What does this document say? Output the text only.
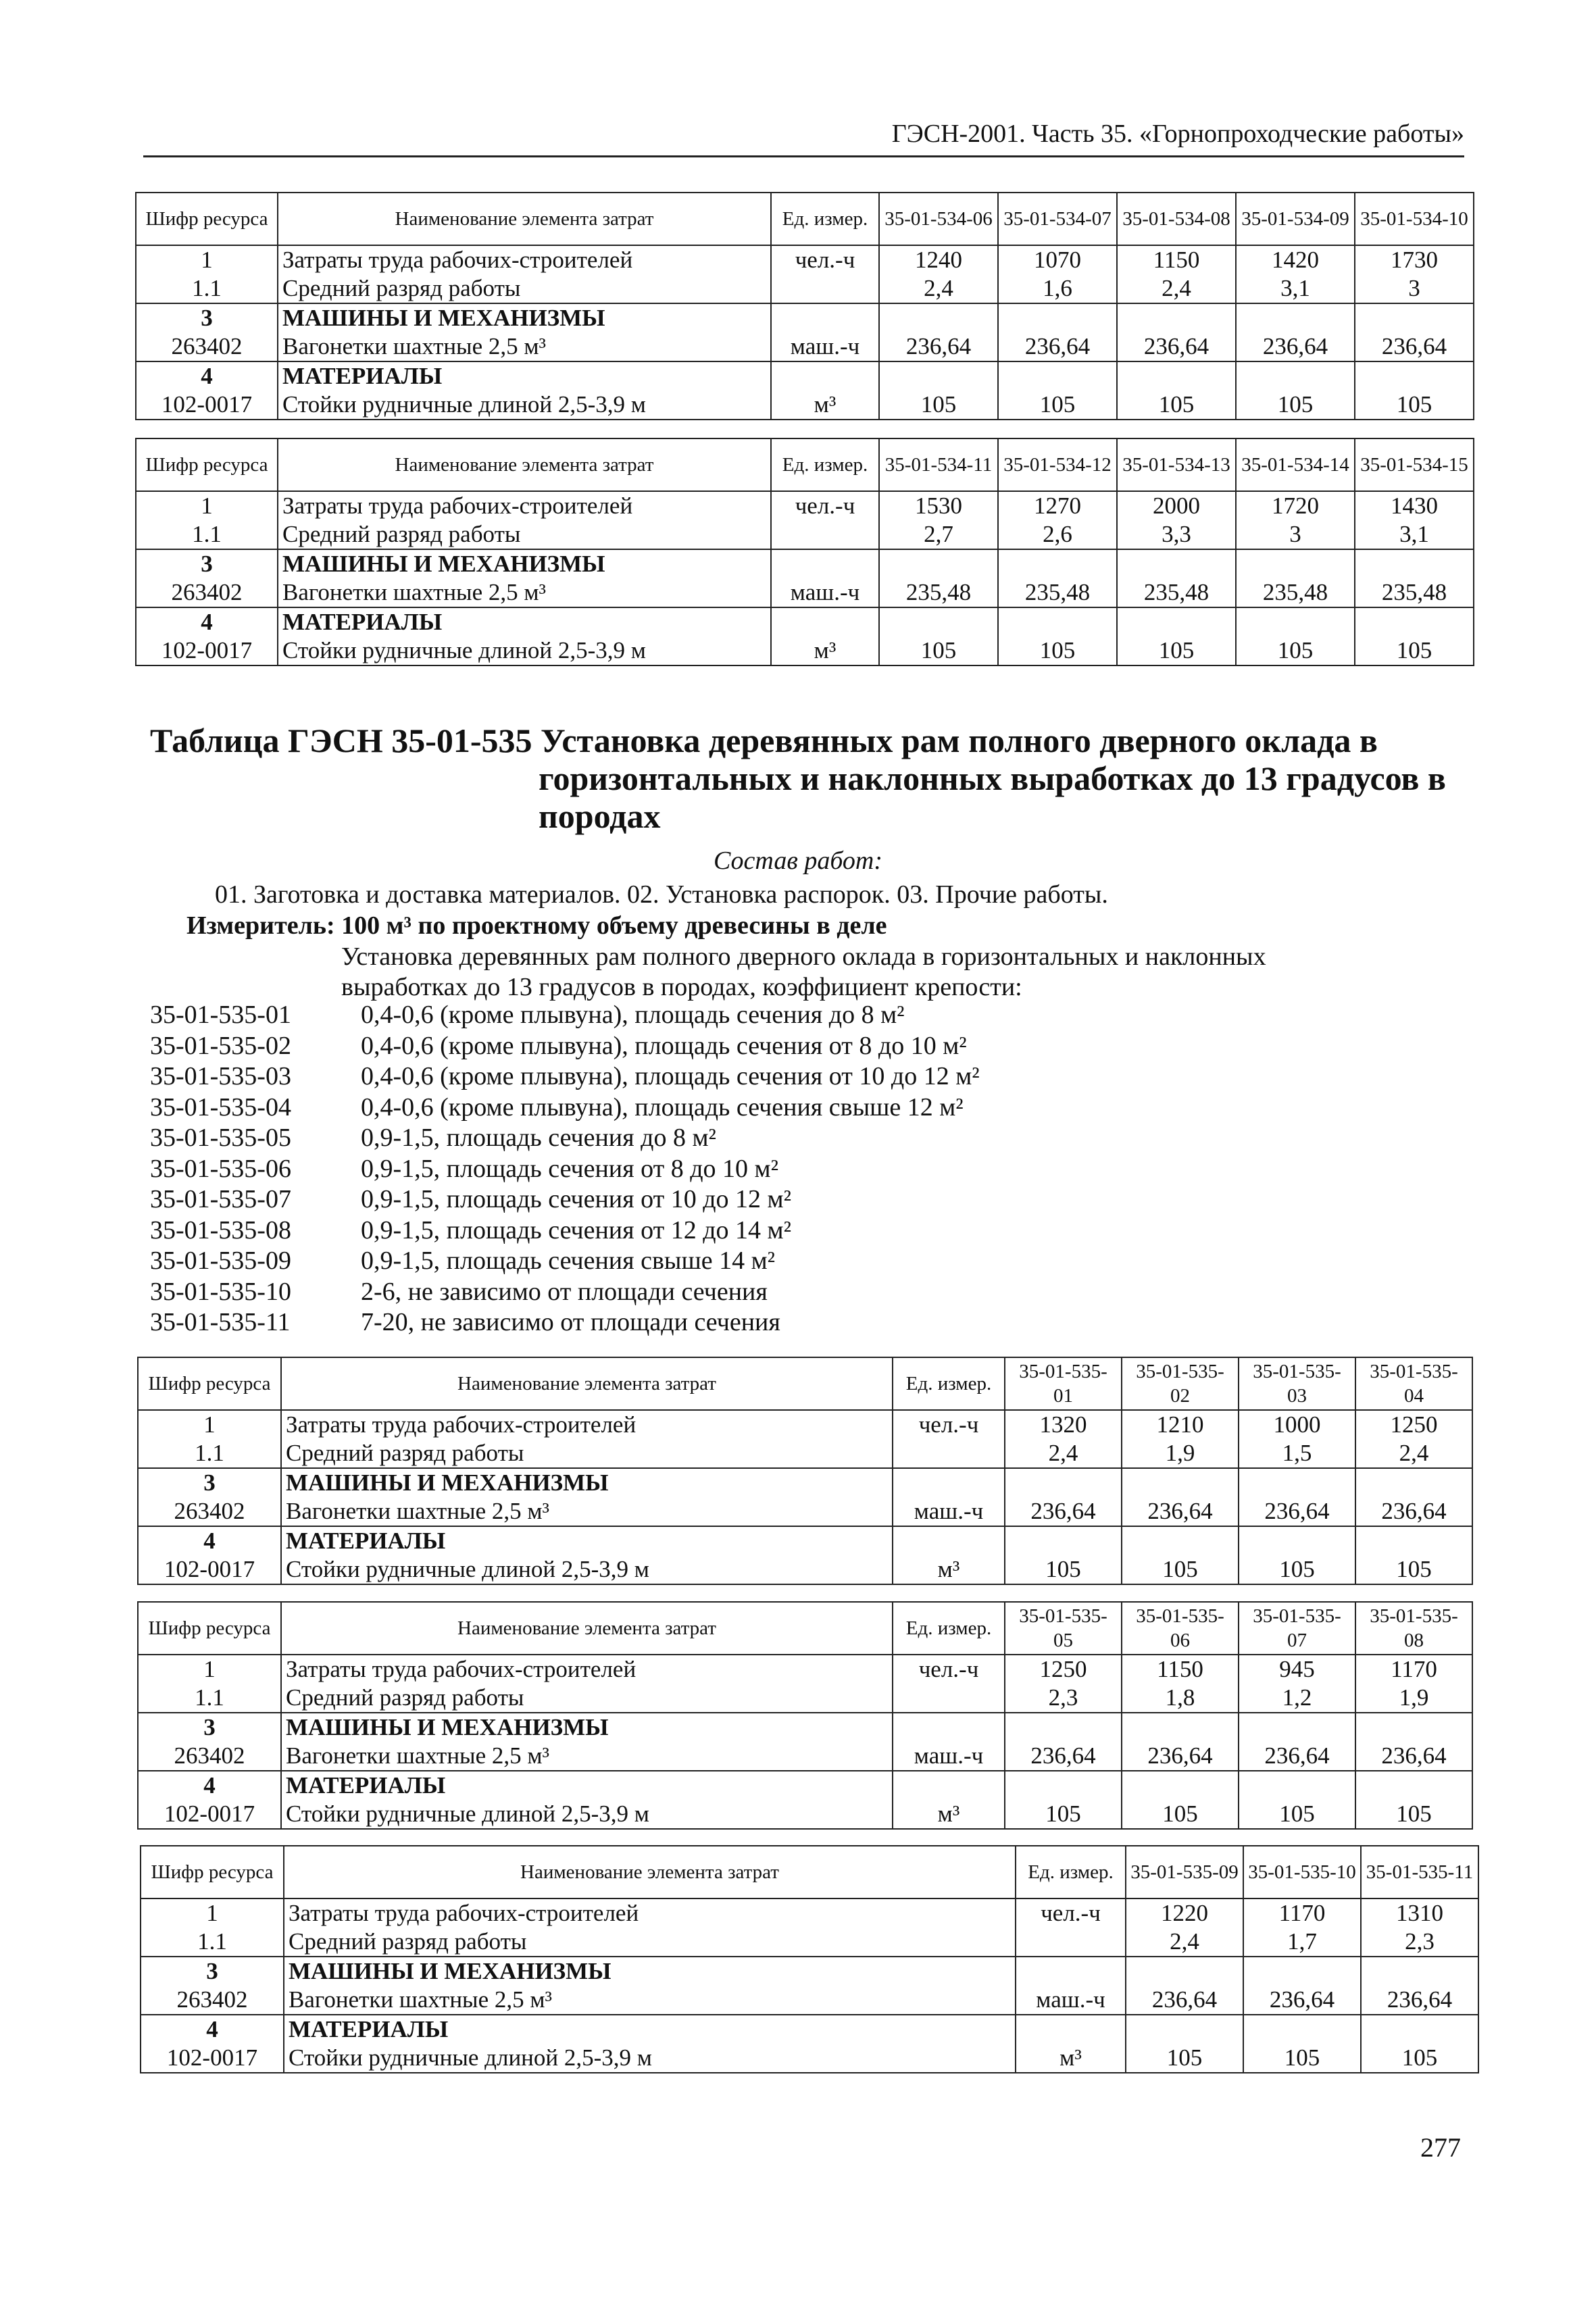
ГЭСН-2001. Часть 35. «Горнопроходческие работы»
Шифр ресурса	Наименование элемента затрат	Ед. измер.	35-01-534-06	35-01-534-07	35-01-534-08	35-01-534-09	35-01-534-10
1	Затраты труда рабочих-строителей	чел.-ч	1240	1070	1150	1420	1730
1.1	Средний разряд работы		2,4	1,6	2,4	3,1	3
3	МАШИНЫ И МЕХАНИЗМЫ						
263402	Вагонетки шахтные 2,5 м³	маш.-ч	236,64	236,64	236,64	236,64	236,64
4	МАТЕРИАЛЫ						
102-0017	Стойки рудничные длиной 2,5-3,9 м	м³	105	105	105	105	105
Шифр ресурса	Наименование элемента затрат	Ед. измер.	35-01-534-11	35-01-534-12	35-01-534-13	35-01-534-14	35-01-534-15
1	Затраты труда рабочих-строителей	чел.-ч	1530	1270	2000	1720	1430
1.1	Средний разряд работы		2,7	2,6	3,3	3	3,1
3	МАШИНЫ И МЕХАНИЗМЫ						
263402	Вагонетки шахтные 2,5 м³	маш.-ч	235,48	235,48	235,48	235,48	235,48
4	МАТЕРИАЛЫ						
102-0017	Стойки рудничные длиной 2,5-3,9 м	м³	105	105	105	105	105
Таблица ГЭСН 35-01-535 Установка деревянных рам полного дверного оклада в
горизонтальных и наклонных выработках до 13 градусов в
породах
Состав работ:
01. Заготовка и доставка материалов. 02. Установка распорок. 03. Прочие работы.
Измеритель: 100 м³ по проектному объему древесины в деле
Установка деревянных рам полного дверного оклада в горизонтальных и наклонных
выработках до 13 градусов в породах, коэффициент крепости:
35-01-535-01	0,4-0,6 (кроме плывуна), площадь сечения до 8 м²
35-01-535-02	0,4-0,6 (кроме плывуна), площадь сечения от 8 до 10 м²
35-01-535-03	0,4-0,6 (кроме плывуна), площадь сечения от 10 до 12 м²
35-01-535-04	0,4-0,6 (кроме плывуна), площадь сечения свыше 12 м²
35-01-535-05	0,9-1,5, площадь сечения до 8 м²
35-01-535-06	0,9-1,5, площадь сечения от 8 до 10 м²
35-01-535-07	0,9-1,5, площадь сечения от 10 до 12 м²
35-01-535-08	0,9-1,5, площадь сечения от 12 до 14 м²
35-01-535-09	0,9-1,5, площадь сечения свыше 14 м²
35-01-535-10	2-6, не зависимо от площади сечения
35-01-535-11	7-20, не зависимо от площади сечения
Шифр ресурса	Наименование элемента затрат	Ед. измер.	35-01-535-01	35-01-535-02	35-01-535-03	35-01-535-04
1	Затраты труда рабочих-строителей	чел.-ч	1320	1210	1000	1250
1.1	Средний разряд работы		2,4	1,9	1,5	2,4
3	МАШИНЫ И МЕХАНИЗМЫ					
263402	Вагонетки шахтные 2,5 м³	маш.-ч	236,64	236,64	236,64	236,64
4	МАТЕРИАЛЫ					
102-0017	Стойки рудничные длиной 2,5-3,9 м	м³	105	105	105	105
Шифр ресурса	Наименование элемента затрат	Ед. измер.	35-01-535-05	35-01-535-06	35-01-535-07	35-01-535-08
1	Затраты труда рабочих-строителей	чел.-ч	1250	1150	945	1170
1.1	Средний разряд работы		2,3	1,8	1,2	1,9
3	МАШИНЫ И МЕХАНИЗМЫ					
263402	Вагонетки шахтные 2,5 м³	маш.-ч	236,64	236,64	236,64	236,64
4	МАТЕРИАЛЫ					
102-0017	Стойки рудничные длиной 2,5-3,9 м	м³	105	105	105	105
Шифр ресурса	Наименование элемента затрат	Ед. измер.	35-01-535-09	35-01-535-10	35-01-535-11
1	Затраты труда рабочих-строителей	чел.-ч	1220	1170	1310
1.1	Средний разряд работы		2,4	1,7	2,3
3	МАШИНЫ И МЕХАНИЗМЫ				
263402	Вагонетки шахтные 2,5 м³	маш.-ч	236,64	236,64	236,64
4	МАТЕРИАЛЫ				
102-0017	Стойки рудничные длиной 2,5-3,9 м	м³	105	105	105
277
